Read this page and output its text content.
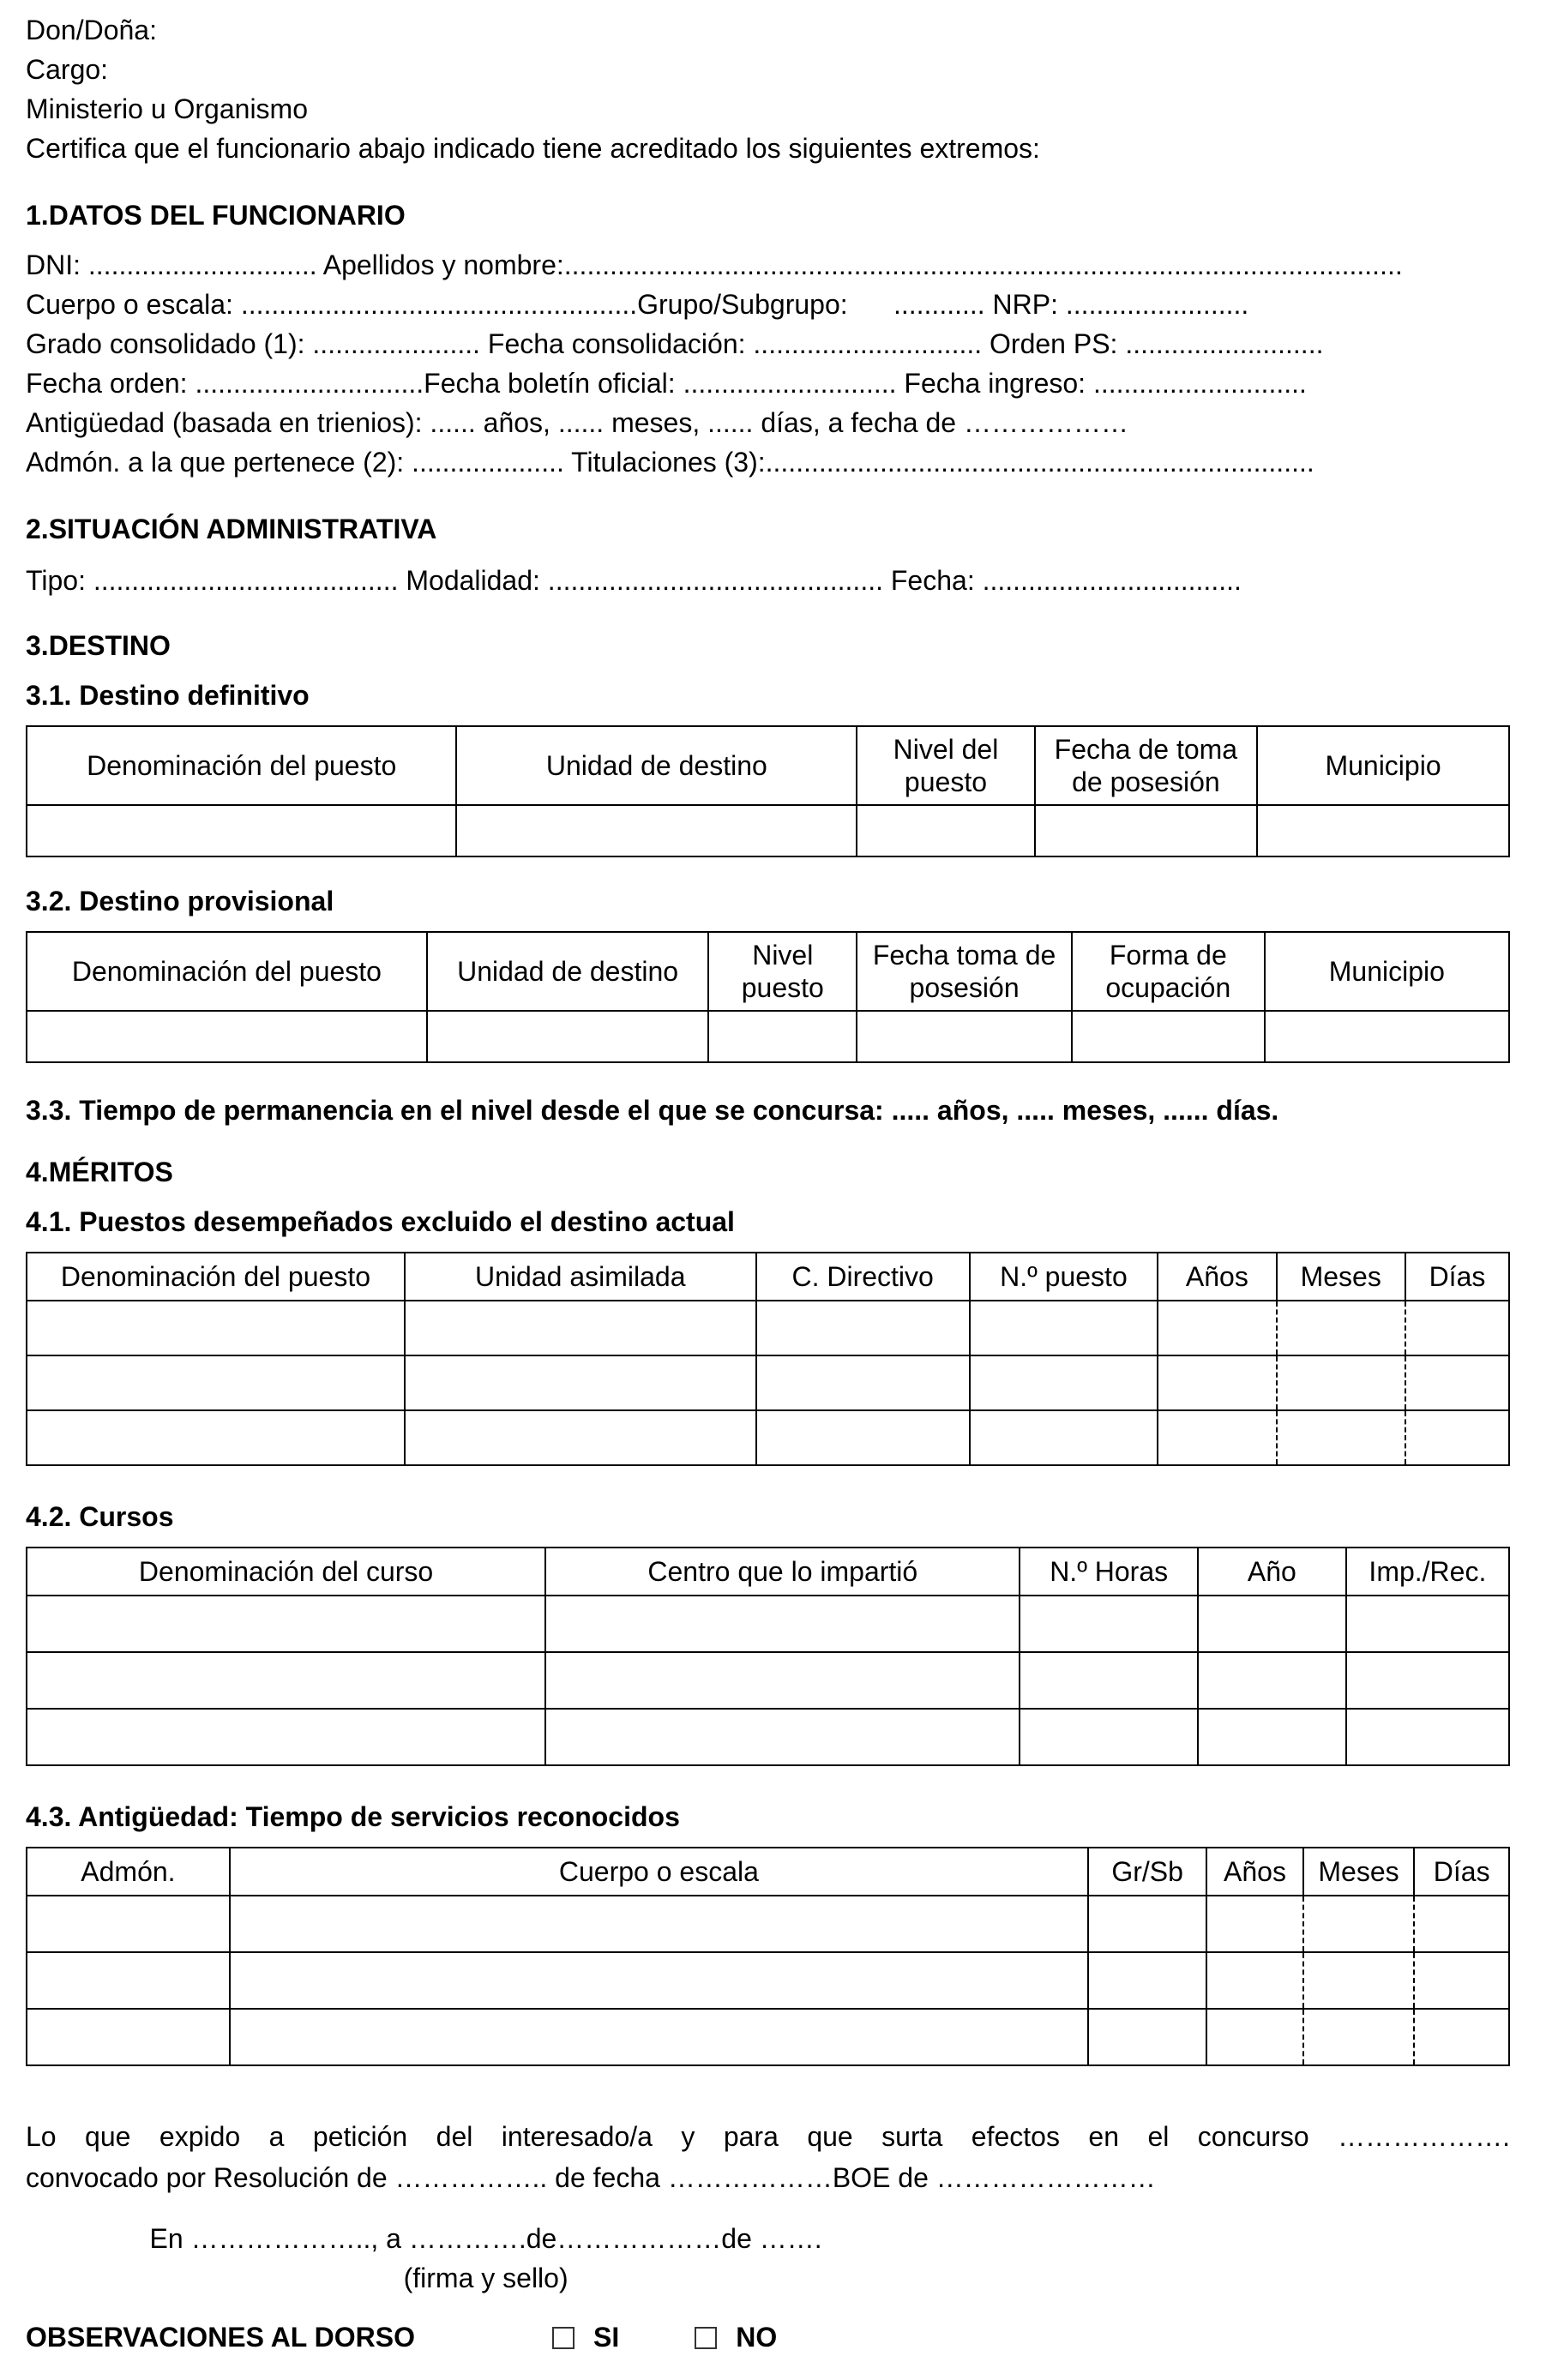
Don/Doña:
Cargo:
Ministerio u Organismo
Certifica que el funcionario abajo indicado tiene acreditado los siguientes extremos:
1.DATOS DEL FUNCIONARIO
DNI: .............................. Apellidos y nombre:..............................................................................................................
Cuerpo o escala: ....................................................Grupo/Subgrupo:      ............ NRP: ........................
Grado consolidado (1): ...................... Fecha consolidación: .............................. Orden PS: ..........................
Fecha orden: ..............................Fecha boletín oficial: ............................ Fecha ingreso: ............................
Antigüedad (basada en trienios): ...... años, ...... meses, ...... días, a fecha de ………………
Admón. a la que pertenece (2): .................... Titulaciones (3):........................................................................
2.SITUACIÓN ADMINISTRATIVA
Tipo: ........................................ Modalidad: ............................................ Fecha: ..................................
3.DESTINO
3.1. Destino definitivo
Denominación del puesto	Unidad de destino	Nivel del puesto	Fecha de toma de posesión	Municipio

3.2. Destino provisional
Denominación del puesto	Unidad de destino	Nivel puesto	Fecha toma de posesión	Forma de ocupación	Municipio

3.3. Tiempo de permanencia en el nivel desde el que se concursa: ..... años, ..... meses, ...... días.
4.MÉRITOS
4.1. Puestos desempeñados excluido el destino actual
Denominación del puesto	Unidad asimilada	C. Directivo	N.º puesto	Años	Meses	Días

4.2. Cursos
Denominación del curso	Centro que lo impartió	N.º Horas	Año	Imp./Rec.

4.3. Antigüedad: Tiempo de servicios reconocidos
Admón.	Cuerpo o escala	Gr/Sb	Años	Meses	Días

Lo que expido a petición del interesado/a y para que surta efectos en el concurso ……………….
convocado por Resolución de …………….. de fecha ………………BOE de ……………………
En ……………….., a ………….de………………de …….
(firma y sello)
OBSERVACIONES AL DORSO	SI	NO
